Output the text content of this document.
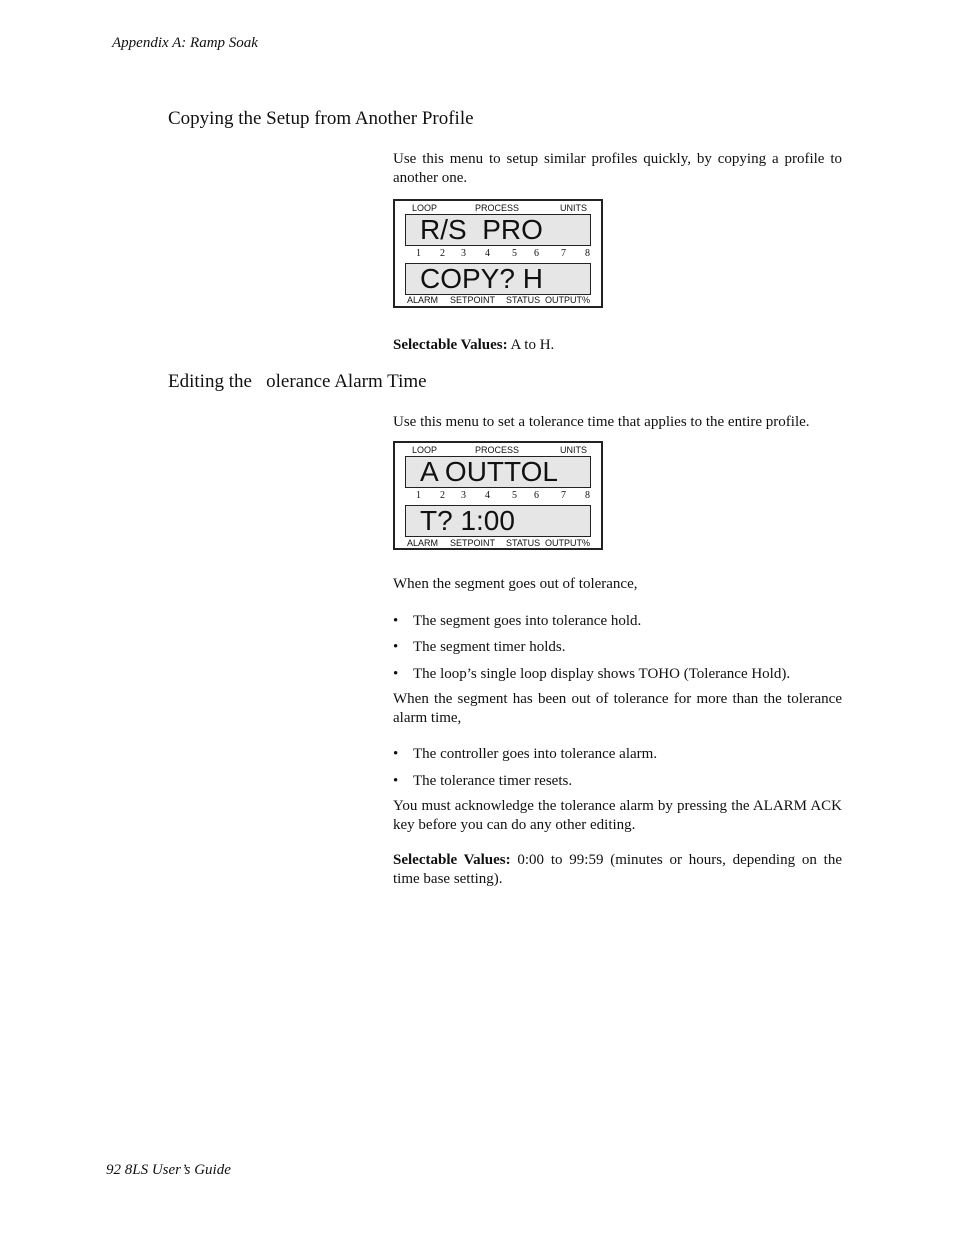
Appendix A: Ramp Soak
Copying the Setup from Another Profile
Use this menu to setup similar profiles quickly, by copying a profile to another one.
LOOP	PROCESS	UNITS
R/S  PRO
1 2 3 4 5 6 7 8
COPY? H
ALARM SETPOINT STATUS OUTPUT%
Selectable Values: A to H.
Editing the   olerance Alarm Time
Use this menu to set a tolerance time that applies to the entire profile.
LOOP	PROCESS	UNITS
A OUTTOL
1 2 3 4 5 6 7 8
T? 1:00
ALARM SETPOINT STATUS OUTPUT%
When the segment goes out of tolerance,
• The segment goes into tolerance hold.
• The segment timer holds.
• The loop’s single loop display shows TOHO (Tolerance Hold).
When the segment has been out of tolerance for more than the tolerance alarm time,
• The controller goes into tolerance alarm.
• The tolerance timer resets.
You must acknowledge the tolerance alarm by pressing the ALARM ACK key before you can do any other editing.
Selectable Values: 0:00 to 99:59 (minutes or hours, depending on the time base setting).
92 8LS User’s Guide
